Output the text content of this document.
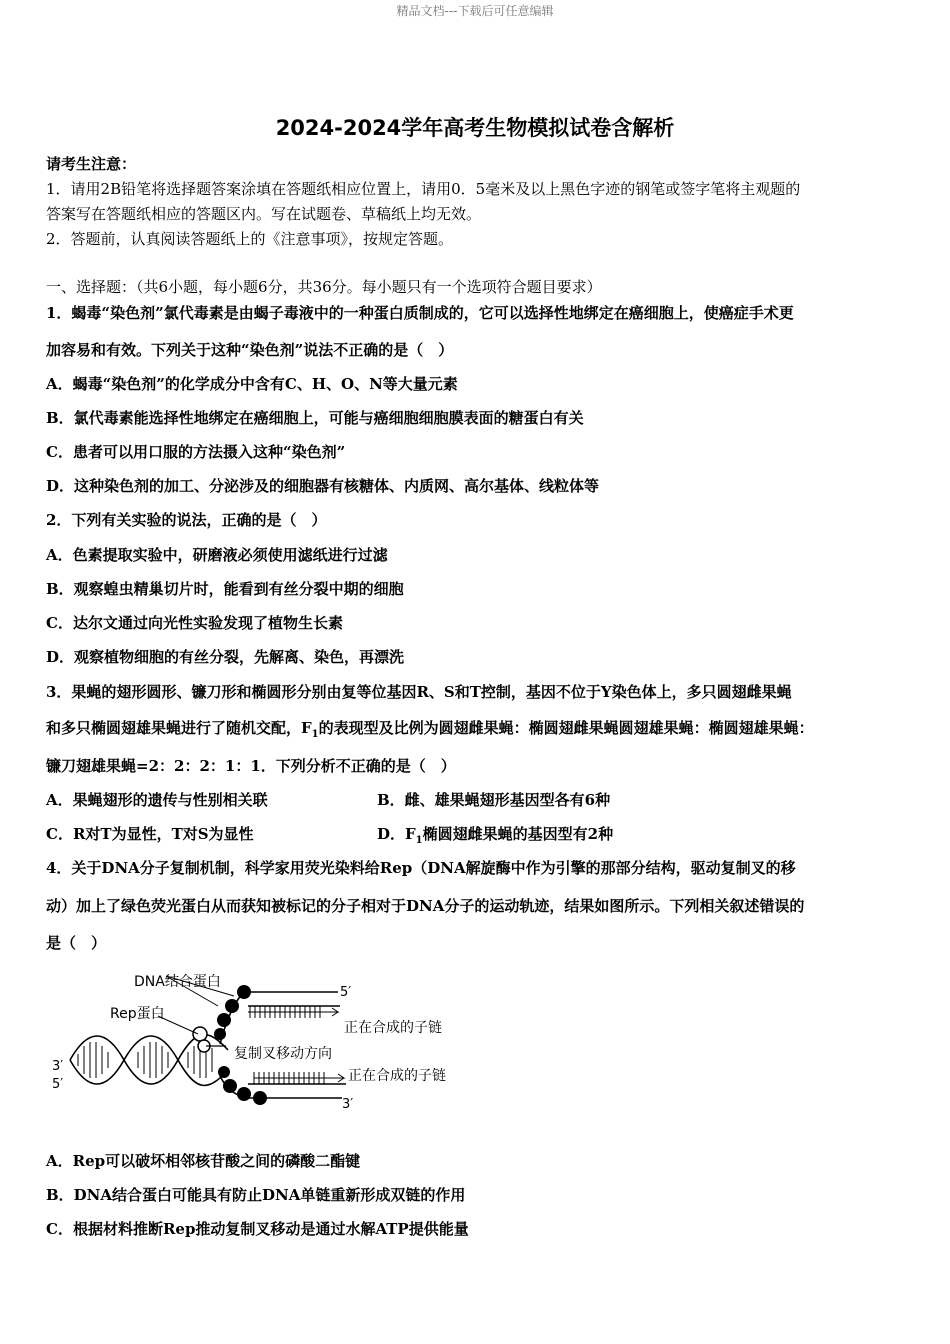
精品文档---下载后可任意编辑
2024-2024学年高考生物模拟试卷含解析
请考生注意：
1．请用2B铅笔将选择题答案涂填在答题纸相应位置上，请用0．5毫米及以上黑色字迹的钢笔或签字笔将主观题的
答案写在答题纸相应的答题区内。写在试题卷、草稿纸上均无效。
2．答题前，认真阅读答题纸上的《注意事项》，按规定答题。
一、选择题：（共6小题，每小题6分，共36分。每小题只有一个选项符合题目要求）
1．蝎毒“染色剂”氯代毒素是由蝎子毒液中的一种蛋白质制成的，它可以选择性地绑定在癌细胞上，使癌症手术更
加容易和有效。下列关于这种“染色剂”说法不正确的是（　）
A．蝎毒“染色剂”的化学成分中含有C、H、O、N等大量元素
B．氯代毒素能选择性地绑定在癌细胞上，可能与癌细胞细胞膜表面的糖蛋白有关
C．患者可以用口服的方法摄入这种“染色剂”
D．这种染色剂的加工、分泌涉及的细胞器有核糖体、内质网、高尔基体、线粒体等
2．下列有关实验的说法，正确的是（　）
A．色素提取实验中，研磨液必须使用滤纸进行过滤
B．观察蝗虫精巢切片时，能看到有丝分裂中期的细胞
C．达尔文通过向光性实验发现了植物生长素
D．观察植物细胞的有丝分裂，先解离、染色，再漂洗
3．果蝇的翅形圆形、镰刀形和椭圆形分别由复等位基因R、S和T控制，基因不位于Y染色体上，多只圆翅雌果蝇
和多只椭圆翅雄果蝇进行了随机交配，$F_1$的表现型及比例为圆翅雌果蝇：椭圆翅雌果蝇圆翅雄果蝇：椭圆翅雄果蝇：
镰刀翅雄果蝇=2：2：2：1：1．下列分析不正确的是（　）
A．果蝇翅形的遗传与性别相关联	B．雌、雄果蝇翅形基因型各有6种
C．R对T为显性，T对S为显性	D．$F_1$椭圆翅雌果蝇的基因型有2种
4．关于DNA分子复制机制，科学家用荧光染料给Rep（DNA解旋酶中作为引擎的那部分结构，驱动复制叉的移
动）加上了绿色荧光蛋白从而获知被标记的分子相对于DNA分子的运动轨迹，结果如图所示。下列相关叙述错误的
是（　）
DNA结合蛋白
Rep蛋白
复制叉移动方向
正在合成的子链
正在合成的子链
5′
3′
3′
5′
A．Rep可以破坏相邻核苷酸之间的磷酸二酯键
B．DNA结合蛋白可能具有防止DNA单链重新形成双链的作用
C．根据材料推断Rep推动复制叉移动是通过水解ATP提供能量
